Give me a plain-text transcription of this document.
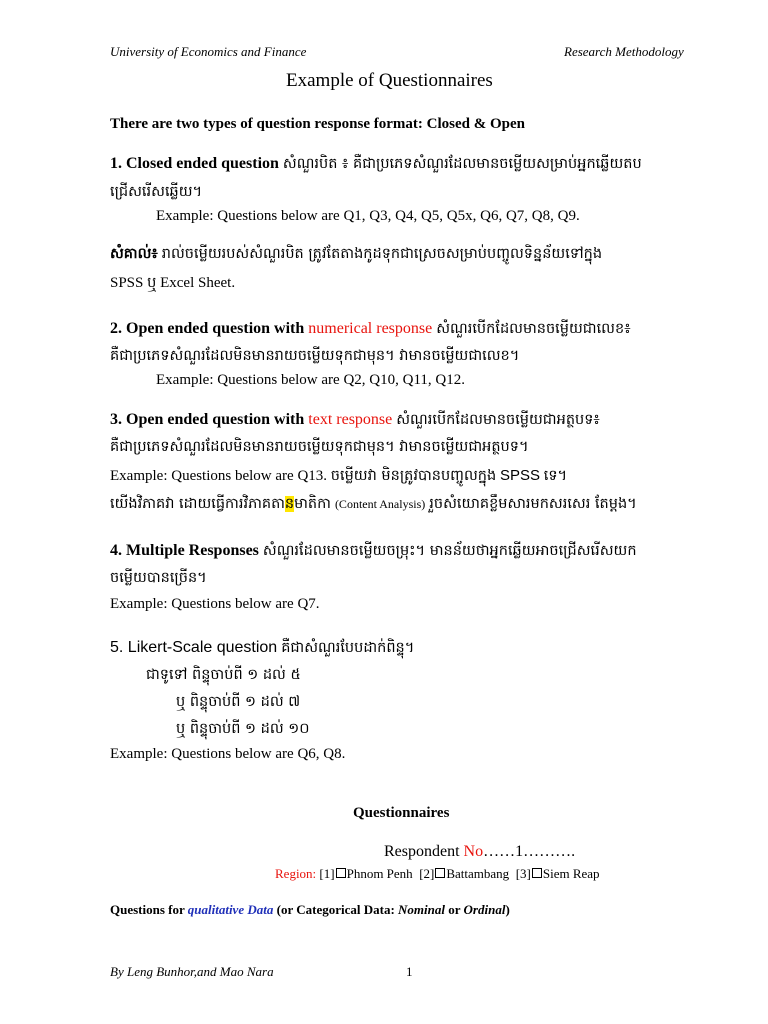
University of Economics and Finance	Research Methodology
Example of Questionnaires
There are two types of question response format: Closed & Open
1. Closed ended question សំណួរបិត ៖ គឺជាប្រភេទសំណួរដែលមានចម្លើយសម្រាប់អ្នកឆ្លើយតប
ជ្រើសរើសឆ្លើយ។
Example: Questions below are Q1, Q3, Q4, Q5, Q5x, Q6, Q7, Q8, Q9.
សំគាល់៖ រាល់ចម្លើយរបស់សំណួរបិត ត្រូវតែតាងកូដទុកជាស្រេចសម្រាប់បញ្ចូលទិន្នន័យទៅក្នុង
SPSS ឬ Excel Sheet.
2. Open ended question with numerical response សំណួរបើកដែលមានចម្លើយជាលេខ៖
គឺជាប្រភេទសំណួរដែលមិនមានរាយចម្លើយទុកជាមុន។ វាមានចម្លើយជាលេខ។
Example: Questions below are Q2, Q10, Q11, Q12.
3. Open ended question with text response សំណួរបើកដែលមានចម្លើយជាអត្ថបទ៖
គឺជាប្រភេទសំណួរដែលមិនមានរាយចម្លើយទុកជាមុន។ វាមានចម្លើយជាអត្ថបទ។
Example: Questions below are Q13. ចម្លើយវា មិនត្រូវបានបញ្ចូលក្នុង SPSS ទេ។
យើងវិភាគវា ដោយធ្វើការវិភាគតានមាតិកា (Content Analysis) រួចសំយោគខ្លឹមសារមកសរសេរ តែម្តង។
4. Multiple Responses សំណួរដែលមានចម្លើយចម្រុះ។ មានន័យថាអ្នកឆ្លើយអាចជ្រើសរើសយក
ចម្លើយបានច្រើន។
Example: Questions below are Q7.
5. Likert-Scale question គឺជាសំណួរបែបដាក់ពិន្ទុ។
ជាទូទៅ ពិន្ទុចាប់ពី ១ ដល់ ៥
ឬ ពិន្ទុចាប់ពី ១ ដល់ ៧
ឬ ពិន្ទុចាប់ពី ១ ដល់ ១០
Example: Questions below are Q6, Q8.
Questionnaires
Respondent No……1……….
Region: [1] Phnom Penh [2] Battambang [3] Siem Reap
Questions for qualitative Data (or Categorical Data: Nominal or Ordinal)
By Leng Bunhor,and Mao Nara	1
